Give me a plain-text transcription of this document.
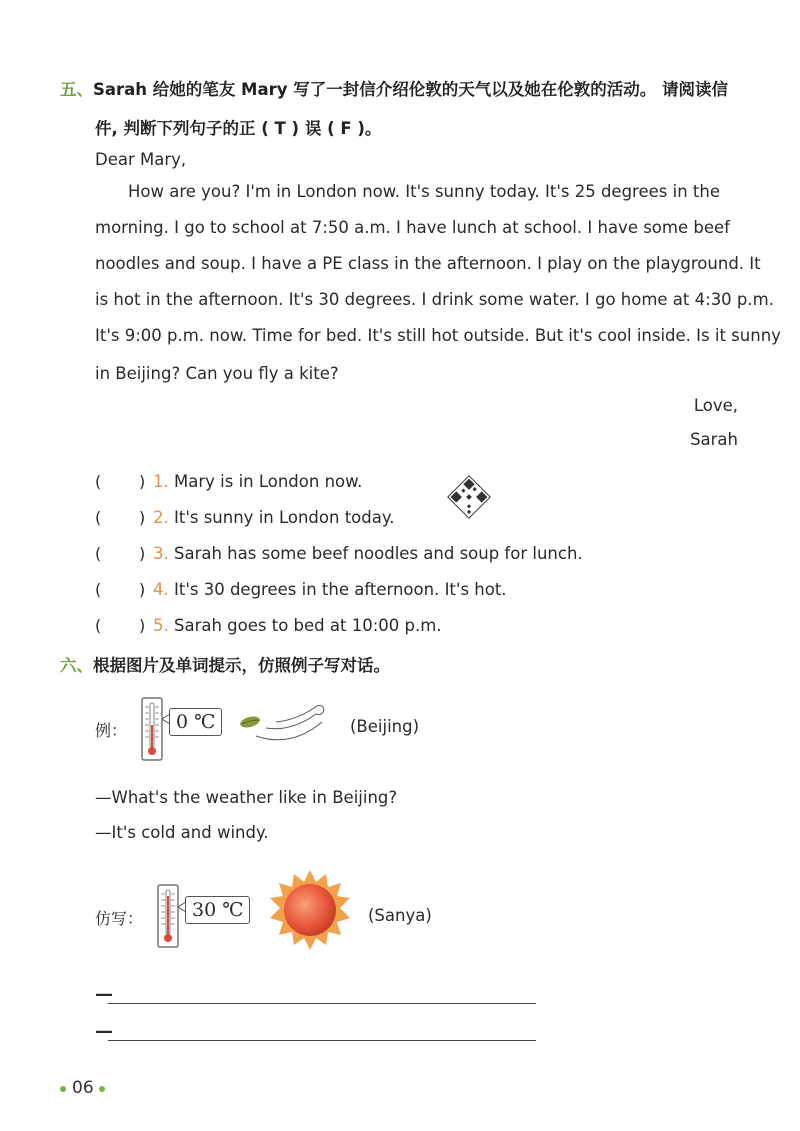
五、Sarah 给她的笔友 Mary 写了一封信介绍伦敦的天气以及她在伦敦的活动。 请阅读信
件, 判断下列句子的正 ( T ) 误 ( F )。
Dear Mary,
How are you? I'm in London now. It's sunny today. It's 25 degrees in the
morning. I go to school at 7:50 a.m. I have lunch at school. I have some beef
noodles and soup. I have a PE class in the afternoon. I play on the playground. It
is hot in the afternoon. It's 30 degrees. I drink some water. I go home at 4:30 p.m.
It's 9:00 p.m. now. Time for bed. It's still hot outside. But it's cool inside. Is it sunny
in Beijing? Can you fly a kite?
Love,
Sarah
( ) 1. Mary is in London now.
( ) 2. It's sunny in London today.
( ) 3. Sarah has some beef noodles and soup for lunch.
( ) 4. It's 30 degrees in the afternoon. It's hot.
( ) 5. Sarah goes to bed at 10:00 p.m.
六、根据图片及单词提示，仿照例子写对话。
例：	0 ℃	(Beijing)
—What's the weather like in Beijing?
—It's cold and windy.
仿写：	30 ℃	(Sanya)
—
—
06
